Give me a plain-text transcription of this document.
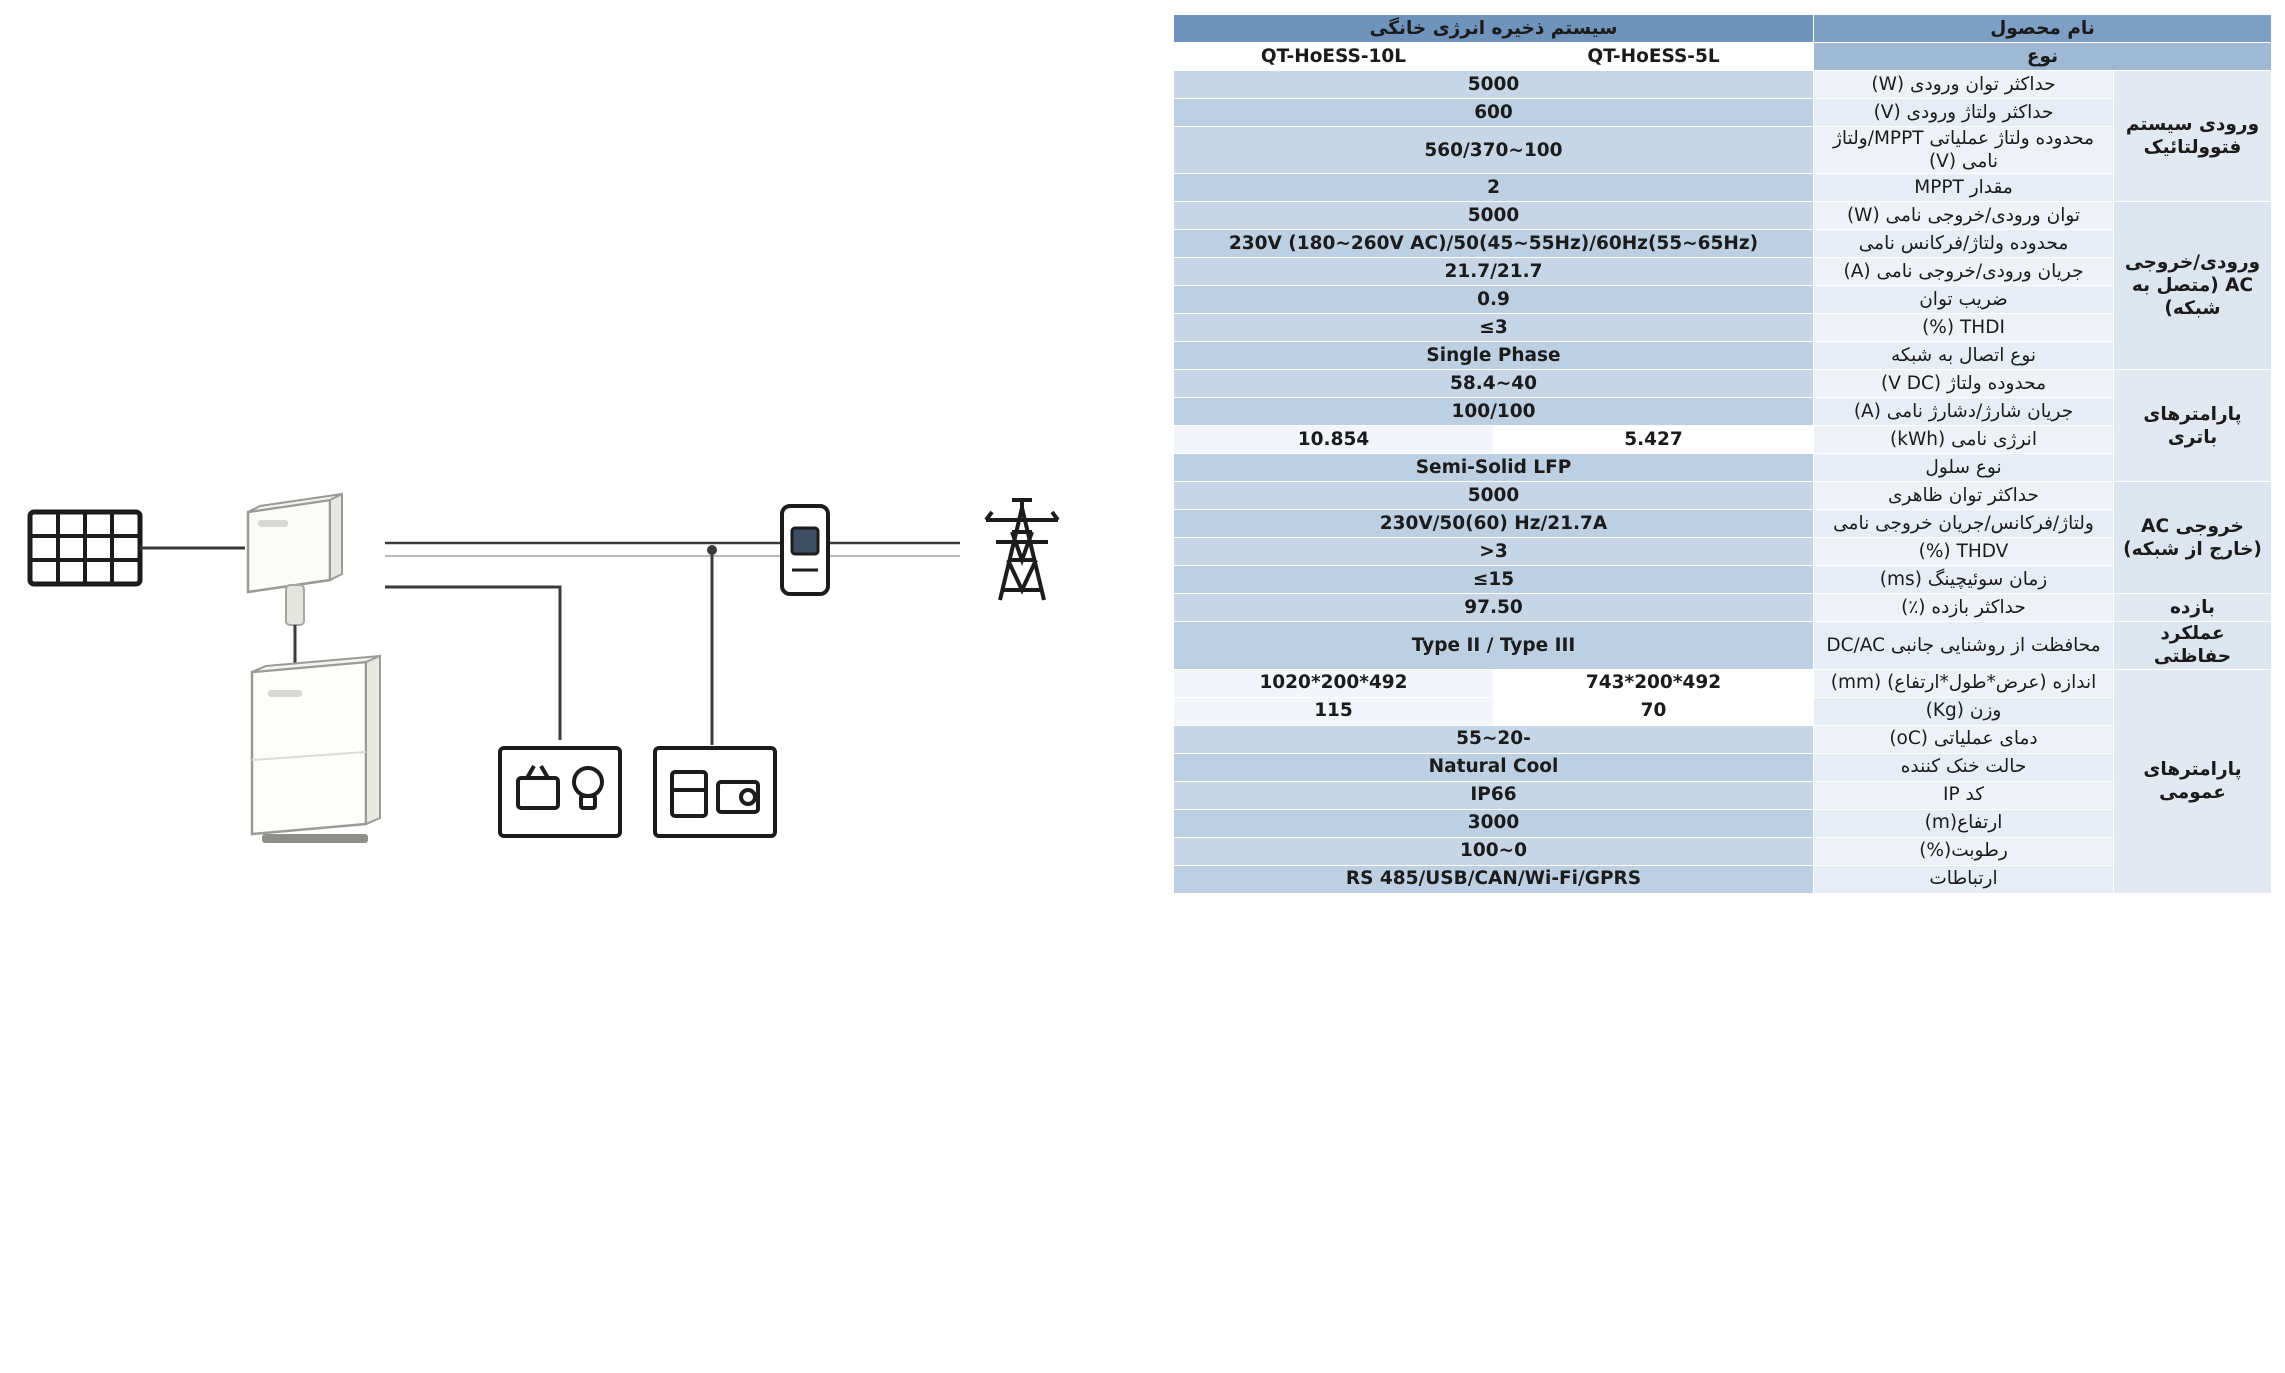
نام محصول		سیستم ذخیره انرژی خانگی	
نوع		QT-HoESS-5L	QT-HoESS-10L
ورودی سیستم فتوولتائیک	حداکثر توان ورودی (W)	5000	
	حداکثر ولتاژ ورودی (V)	600	
	محدوده ولتاژ عملیاتی MPPT/ولتاژ نامی (V)	100~560/370	
	مقدار MPPT	2	
ورودی/خروجی AC (متصل به شبکه)	توان ورودی/خروجی نامی (W)	5000	
	محدوده ولتاژ/فرکانس نامی	230V (180~260V AC)/50(45~55Hz)/60Hz(55~65Hz)	
	جریان ورودی/خروجی نامی (A)	21.7/21.7	
	ضریب توان	0.9	
	THDI (%)	3≥	
	نوع اتصال به شبکه	Single Phase	
پارامترهای باتری	محدوده ولتاژ (V DC)	40~58.4	
	جریان شارژ/دشارژ نامی (A)	100/100	
	انرژی نامی (kWh)	5.427	10.854
	نوع سلول	Semi-Solid LFP	
خروجی AC (خارج از شبکه)	حداکثر توان ظاهری	5000	
	ولتاژ/فرکانس/جریان خروجی نامی	230V/50(60) Hz/21.7A	
	THDV (%)	3<	
	زمان سوئیچینگ (ms)	15≥	
بازده	حداکثر بازده (٪)	97.50	
عملکرد حفاظتی	محافظت از روشنایی جانبی DC/AC	Type II / Type III	
پارامترهای عمومی	اندازه (عرض*طول*ارتفاع) (mm)	492*200*743	492*200*1020
	وزن (Kg)	70	115
	دمای عملیاتی (oC)	-20~55	
	حالت خنک کننده	Natural Cool	
	کد IP	IP66	
	ارتفاع(m)	3000	
	رطوبت(%)	0~100	
	ارتباطات	RS 485/USB/CAN/Wi-Fi/GPRS	
